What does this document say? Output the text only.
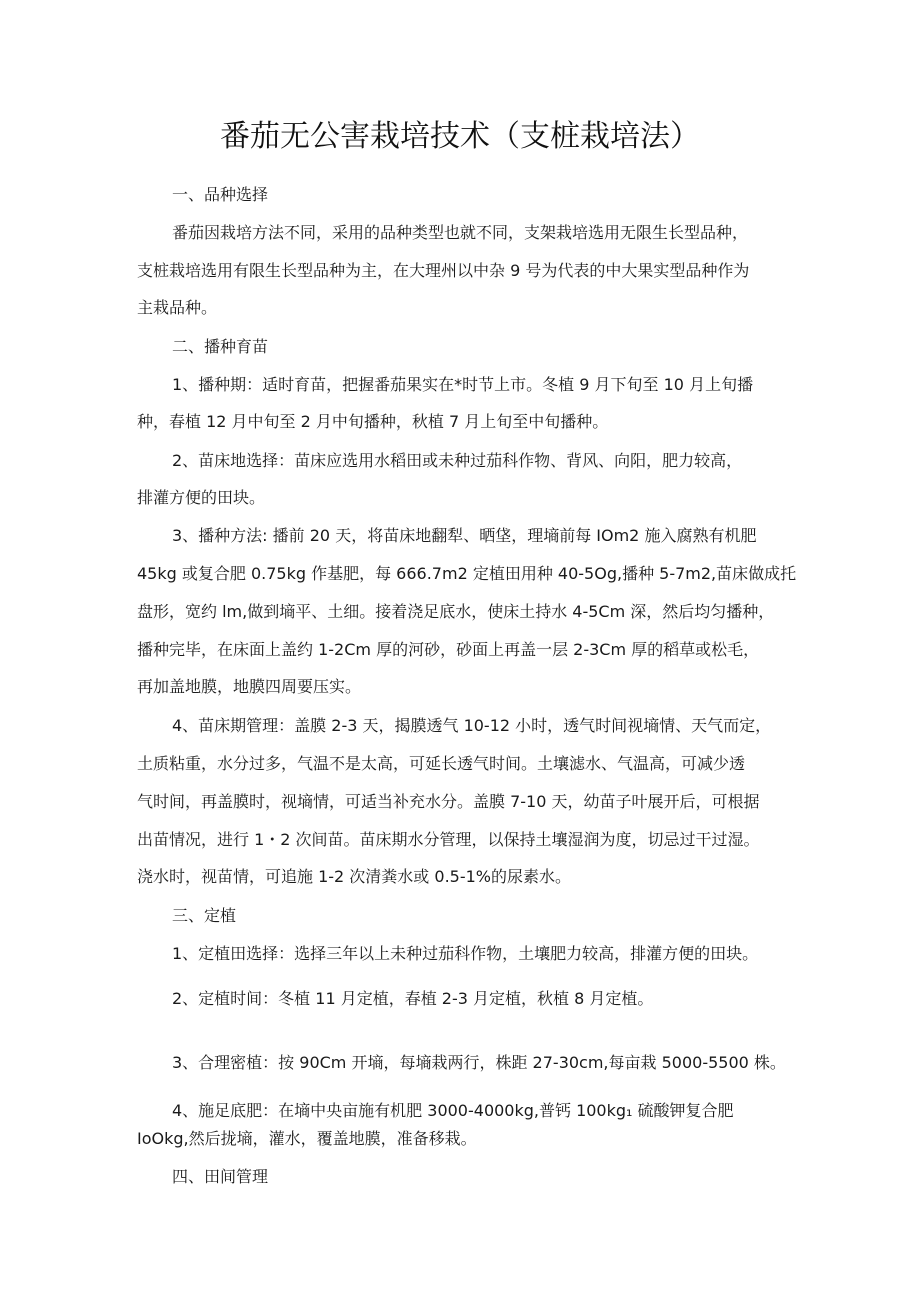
番茄无公害栽培技术（支桩栽培法）
一、品种选择
番茄因栽培方法不同，采用的品种类型也就不同，支架栽培选用无限生长型品种，
支桩栽培选用有限生长型品种为主，在大理州以中杂 9 号为代表的中大果实型品种作为
主栽品种。
二、播种育苗
1、播种期：适时育苗，把握番茄果实在*时节上市。冬植 9 月下旬至 10 月上旬播
种，春植 12 月中旬至 2 月中旬播种，秋植 7 月上旬至中旬播种。
2、苗床地选择：苗床应选用水稻田或未种过茄科作物、背风、向阳，肥力较高，
排灌方便的田块。
3、播种方法: 播前 20 天，将苗床地翻犁、晒垡，理墒前每 IOm2 施入腐熟有机肥
45kg 或复合肥 0.75kg 作基肥，每 666.7m2 定植田用种 40-5Og,播种 5-7m2,苗床做成托
盘形，宽约 lm,做到墒平、土细。接着浇足底水，使床土持水 4-5Cm 深，然后均匀播种，
播种完毕，在床面上盖约 1-2Cm 厚的河砂，砂面上再盖一层 2-3Cm 厚的稻草或松毛，
再加盖地膜，地膜四周要压实。
4、苗床期管理：盖膜 2-3 天，揭膜透气 10-12 小时，透气时间视墒情、天气而定，
土质粘重，水分过多，气温不是太高，可延长透气时间。土壤滤水、气温高，可减少透
气时间，再盖膜时，视墒情，可适当补充水分。盖膜 7-10 天，幼苗子叶展开后，可根据
出苗情况，进行 1・2 次间苗。苗床期水分管理，以保持土壤湿润为度，切忌过干过湿。
浇水时，视苗情，可追施 1-2 次清粪水或 0.5-1%的尿素水。
三、定植
1、定植田选择：选择三年以上未种过茄科作物，土壤肥力较高，排灌方便的田块。
2、定植时间：冬植 11 月定植，春植 2-3 月定植，秋植 8 月定植。
3、合理密植：按 90Cm 开墒，每墒栽两行，株距 27-30cm,每亩栽 5000-5500 株。
4、施足底肥：在墒中央亩施有机肥 3000-4000kg,普钙 100kg₁ 硫酸钾复合肥
IoOkg,然后拢墒，灌水，覆盖地膜，准备移栽。
四、田间管理
